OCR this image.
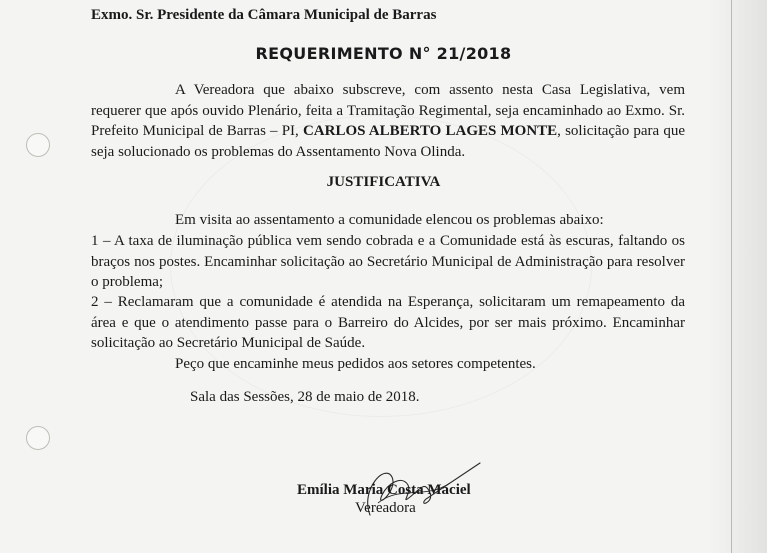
Exmo. Sr. Presidente da Câmara Municipal de Barras
REQUERIMENTO N° 21/2018

A Vereadora que abaixo subscreve, com assento nesta Casa Legislativa, vem requerer que após ouvido Plenário, feita a Tramitação Regimental, seja encaminhado ao Exmo. Sr. Prefeito Municipal de Barras – PI, CARLOS ALBERTO LAGES MONTE, solicitação para que seja solucionado os problemas do Assentamento Nova Olinda.

JUSTIFICATIVA

Em visita ao assentamento a comunidade elencou os problemas abaixo:

1 – A taxa de iluminação pública vem sendo cobrada e a Comunidade está às escuras, faltando os braços nos postes. Encaminhar solicitação ao Secretário Municipal de Administração para resolver o problema;

2 – Reclamaram que a comunidade é atendida na Esperança, solicitaram um remapeamento da área e que o atendimento passe para o Barreiro do Alcides, por ser mais próximo. Encaminhar solicitação ao Secretário Municipal de Saúde.

Peço que encaminhe meus pedidos aos setores competentes.

Sala das Sessões, 28 de maio de 2018.
Emília Maria Costa Maciel
Vereadora
